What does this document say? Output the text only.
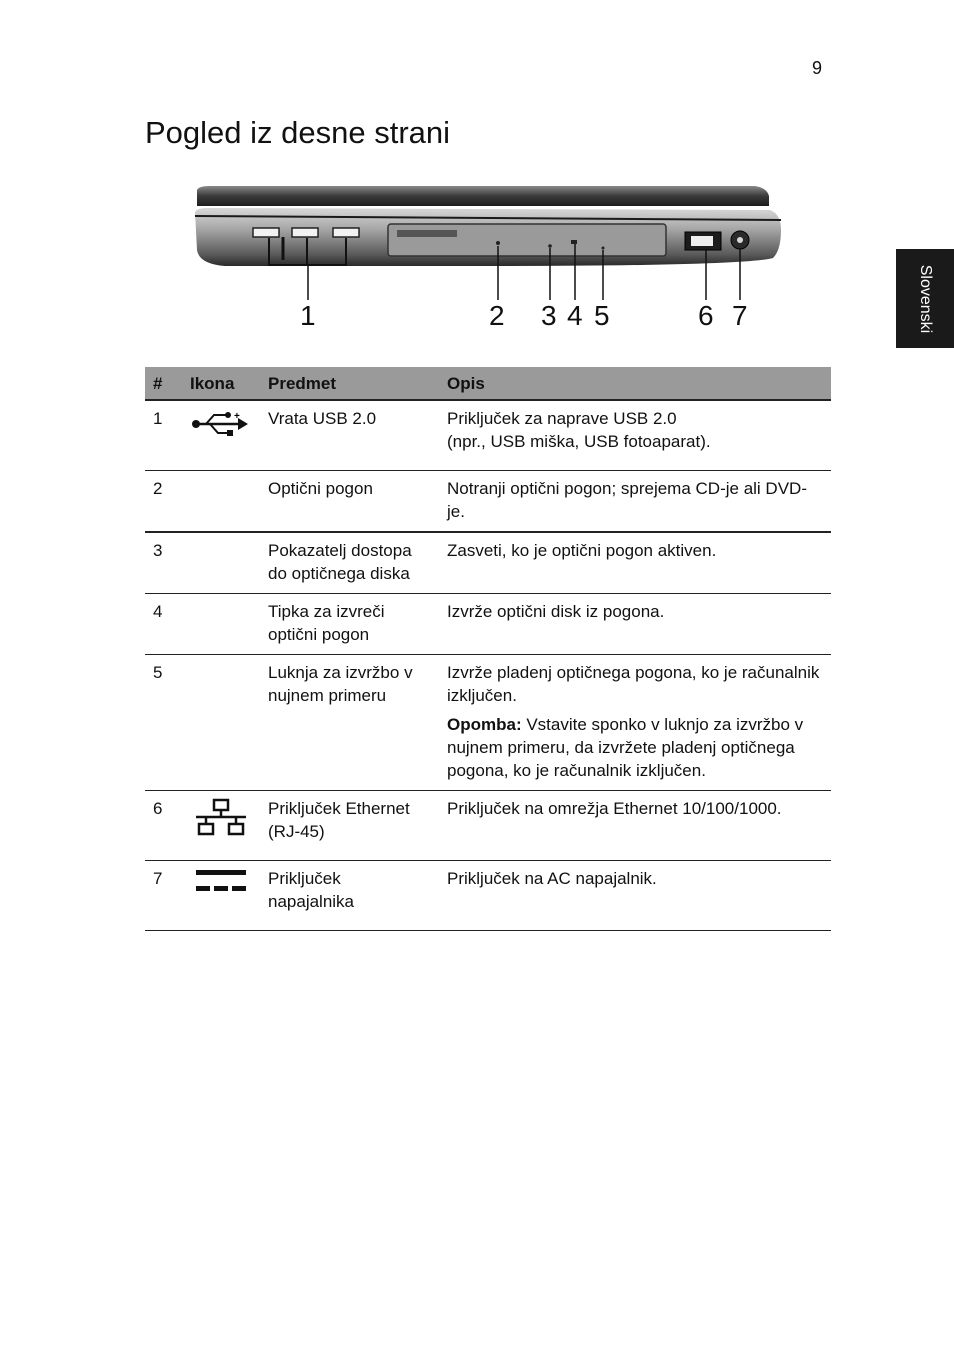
9
Pogled iz desne strani
Slovenski
1	2 3 4 5	6 7
#	Ikona	Predmet	Opis
1	+	Vrata USB 2.0	Priključek za naprave USB 2.0
(npr., USB miška, USB fotoaparat).

2		Optični pogon	Notranji optični pogon; sprejema CD-je ali DVD-je.
3		Pokazatelj dostopa do optičnega diska	Zasveti, ko je optični pogon aktiven.
4		Tipka za izvreči optični pogon	Izvrže optični disk iz pogona.
5		Luknja za izvržbo v nujnem primeru	Izvrže pladenj optičnega pogona, ko je računalnik izključen.
Opomba: Vstavite sponko v luknjo za izvržbo v nujnem primeru, da izvržete pladenj optičnega pogona, ko je računalnik izključen.

6		Priključek Ethernet (RJ-45)	Priključek na omrežja Ethernet 10/100/1000.
7		Priključek napajalnika	Priključek na AC napajalnik.
